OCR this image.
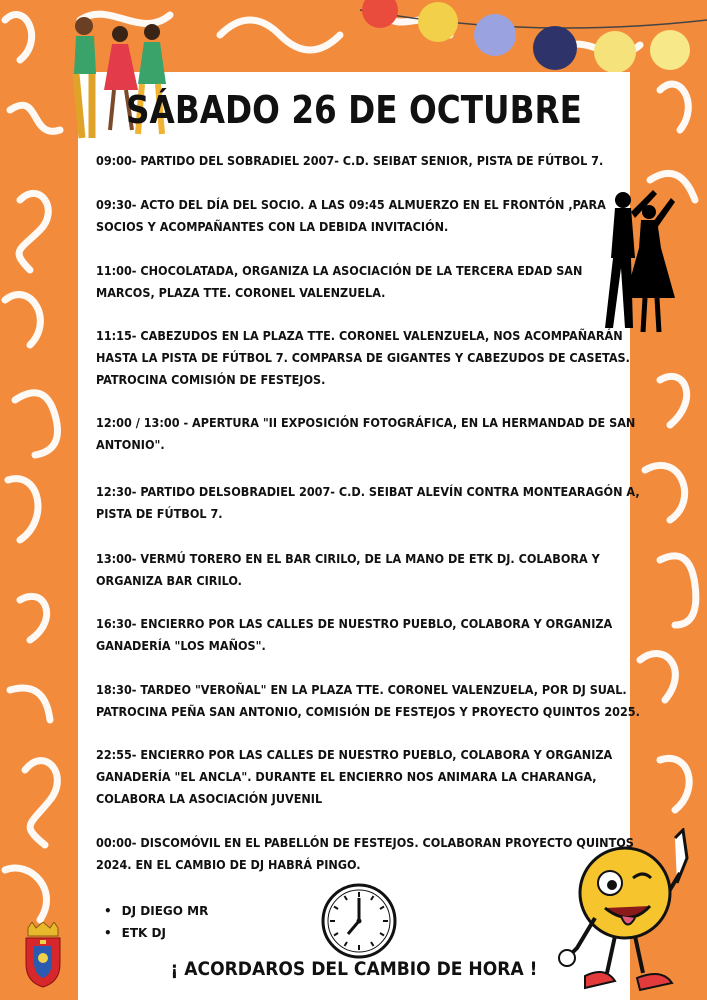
SÁBADO 26 DE OCTUBRE

09:00- PARTIDO DEL SOBRADIEL 2007- C.D. SEIBAT SENIOR, PISTA DE FÚTBOL 7.

09:30- ACTO DEL DÍA DEL SOCIO. A LAS 09:45 ALMUERZO EN EL FRONTÓN ,PARA
SOCIOS Y ACOMPAÑANTES CON LA DEBIDA INVITACIÓN.

11:00- CHOCOLATADA, ORGANIZA LA ASOCIACIÓN DE LA TERCERA EDAD SAN
MARCOS, PLAZA TTE. CORONEL VALENZUELA.

11:15- CABEZUDOS EN LA PLAZA TTE. CORONEL VALENZUELA, NOS ACOMPAÑARÁN
HASTA LA PISTA DE FÚTBOL 7. COMPARSA DE GIGANTES Y CABEZUDOS DE CASETAS.
PATROCINA COMISIÓN DE FESTEJOS.

12:00 / 13:00 - APERTURA "II EXPOSICIÓN FOTOGRÁFICA, EN LA HERMANDAD DE SAN
ANTONIO".

12:30- PARTIDO DELSOBRADIEL 2007- C.D. SEIBAT ALEVÍN CONTRA MONTEARAGÓN A,
PISTA DE FÚTBOL 7.

13:00- VERMÚ TORERO EN EL BAR CIRILO, DE LA MANO DE ETK DJ. COLABORA Y
ORGANIZA BAR CIRILO.

16:30- ENCIERRO POR LAS CALLES DE NUESTRO PUEBLO, COLABORA Y ORGANIZA
GANADERÍA "LOS MAÑOS".

18:30- TARDEO "VEROÑAL" EN LA PLAZA TTE. CORONEL VALENZUELA, POR DJ SUAL.
PATROCINA PEÑA SAN ANTONIO, COMISIÓN DE FESTEJOS Y PROYECTO QUINTOS 2025.

22:55- ENCIERRO POR LAS CALLES DE NUESTRO PUEBLO, COLABORA Y ORGANIZA
GANADERÍA "EL ANCLA". DURANTE EL ENCIERRO NOS ANIMARA LA CHARANGA,
COLABORA LA ASOCIACIÓN JUVENIL

00:00- DISCOMÓVIL EN EL PABELLÓN DE FESTEJOS. COLABORAN PROYECTO QUINTOS
2024. EN EL CAMBIO DE DJ HABRÁ PINGO.

• DJ DIEGO MR
• ETK DJ
¡ ACORDAROS DEL CAMBIO DE HORA !
